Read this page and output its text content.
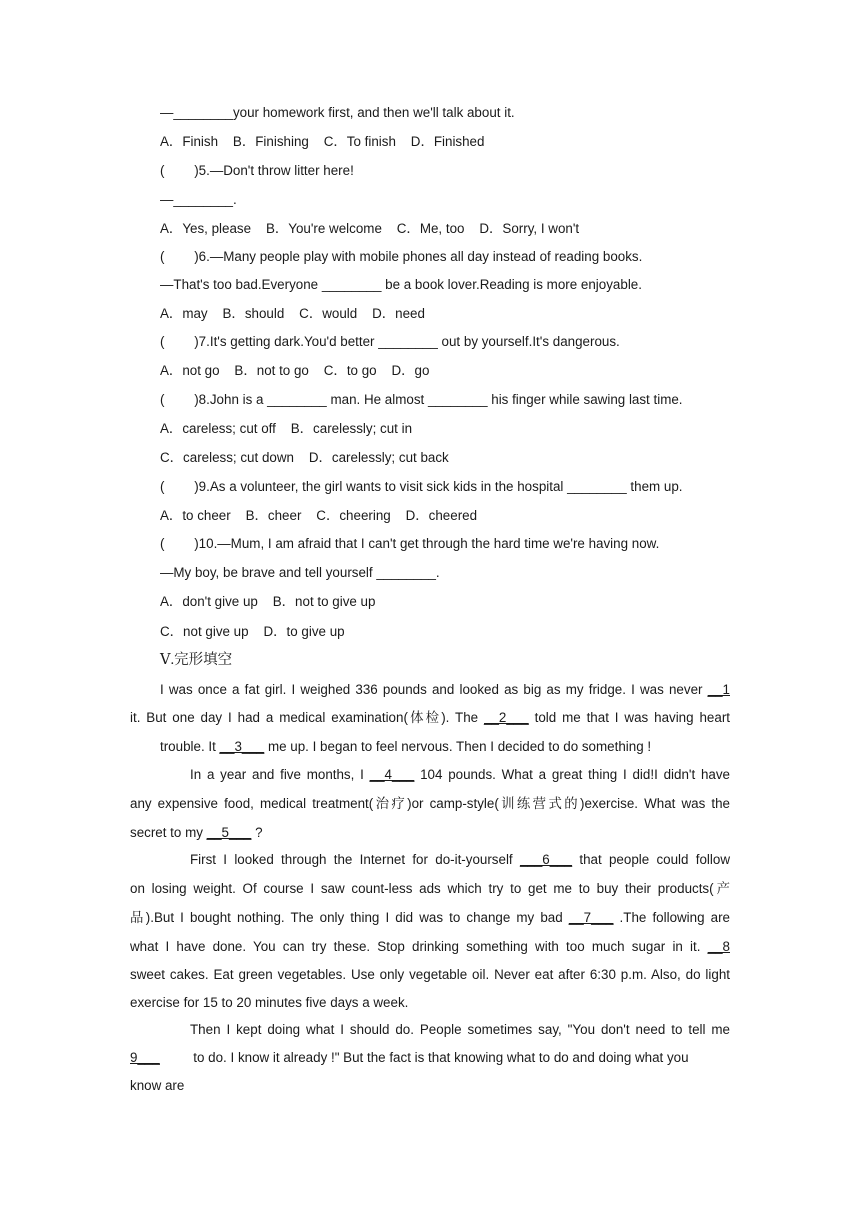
—________your homework first, and then we'll talk about it.
A．Finish    B．Finishing    C．To finish    D．Finished
(        )5.—Don't throw litter here!
—________.
A．Yes, please    B．You're welcome    C．Me, too    D．Sorry, I won't
(        )6.—Many people play with mobile phones all day instead of reading books.
—That's too bad.Everyone ________ be a book lover.Reading is more enjoyable.
A．may    B．should    C．would    D．need
(        )7.It's getting dark.You'd better ________ out by yourself.It's dangerous.
A．not go    B．not to go    C．to go    D．go
(        )8.John is a ________ man. He almost ________ his finger while sawing last time.
A．careless; cut off    B．carelessly; cut in
C．careless; cut down    D．carelessly; cut back
(        )9.As a volunteer, the girl wants to visit sick kids in the hospital ________ them up.
A．to cheer    B．cheer    C．cheering    D．cheered
(        )10.—Mum, I am afraid that I can't get through the hard time we're having now.
—My boy, be brave and tell yourself ________.
A．don't give up    B．not to give up
C．not give up    D．to give up
Ⅴ.完形填空
I was once a fat girl. I weighed 336 pounds and looked as big as my fridge. I was never __1
it. But one day I had a medical examination(体检). The __2___ told me that I was having heart
trouble. It __3___ me up. I began to feel nervous. Then I decided to do something !
In a year and five months, I __4___ 104 pounds. What a great thing I did!I didn't have
any expensive food, medical treatment(治疗)or camp-style(训练营式的)exercise. What was the
secret to my __5___ ?
First I looked through the Internet for do-it-yourself ___6___ that people could follow
on losing weight. Of course I saw count-less ads which try to get me to buy their products(产
品).But I bought nothing. The only thing I did was to change my bad __7___ .The following are
what I have done. You can try these. Stop drinking something with too much sugar in it. __8
sweet cakes. Eat green vegetables. Use only vegetable oil. Never eat after 6:30 p.m. Also, do light
exercise for 15 to 20 minutes five days a week.
Then I kept doing what I should do. People sometimes say, "You don't need to tell me
9___         to do. I know it already !" But the fact is that knowing what to do and doing what you
know are
